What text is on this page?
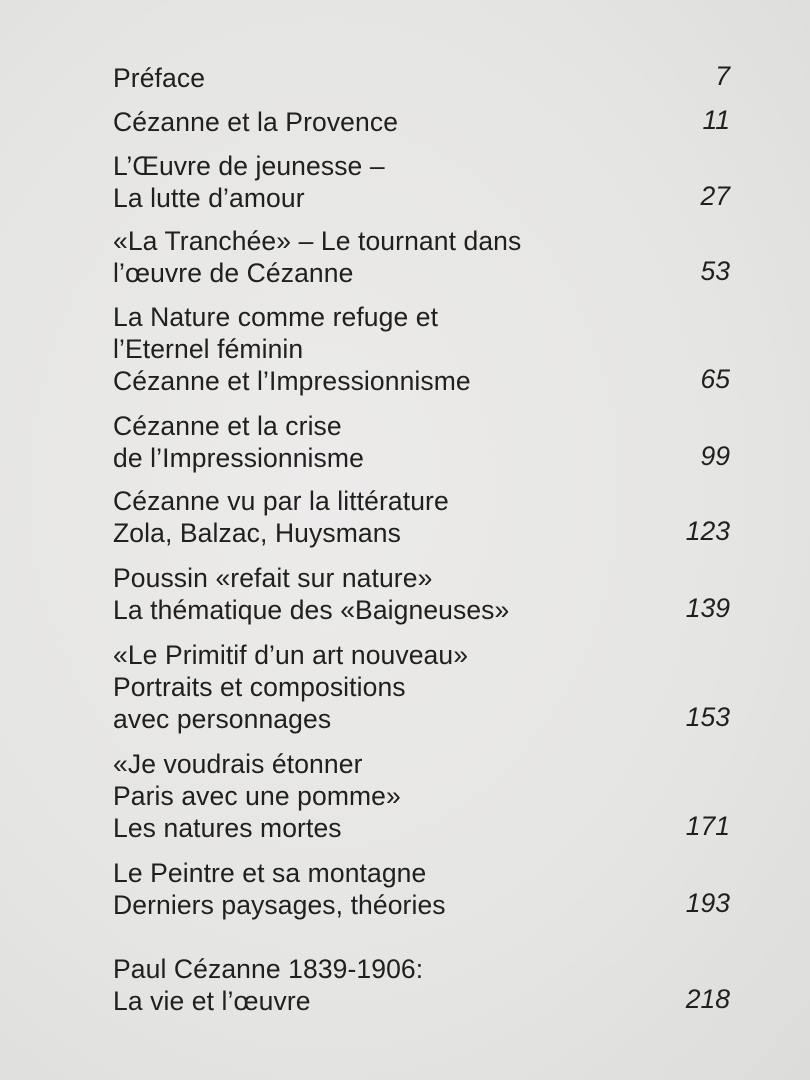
Préface	7
Cézanne et la Provence	11
L’Œuvre de jeunesse –
La lutte d’amour	27
«La Tranchée» – Le tournant dans
l’œuvre de Cézanne	53
La Nature comme refuge et
l’Eternel féminin
Cézanne et l’Impressionnisme	65
Cézanne et la crise
de l’Impressionnisme	99
Cézanne vu par la littérature
Zola, Balzac, Huysmans	123
Poussin «refait sur nature»
La thématique des «Baigneuses»	139
«Le Primitif d’un art nouveau»
Portraits et compositions
avec personnages	153
«Je voudrais étonner
Paris avec une pomme»
Les natures mortes	171
Le Peintre et sa montagne
Derniers paysages, théories	193
Paul Cézanne 1839-1906:
La vie et l’œuvre	218
